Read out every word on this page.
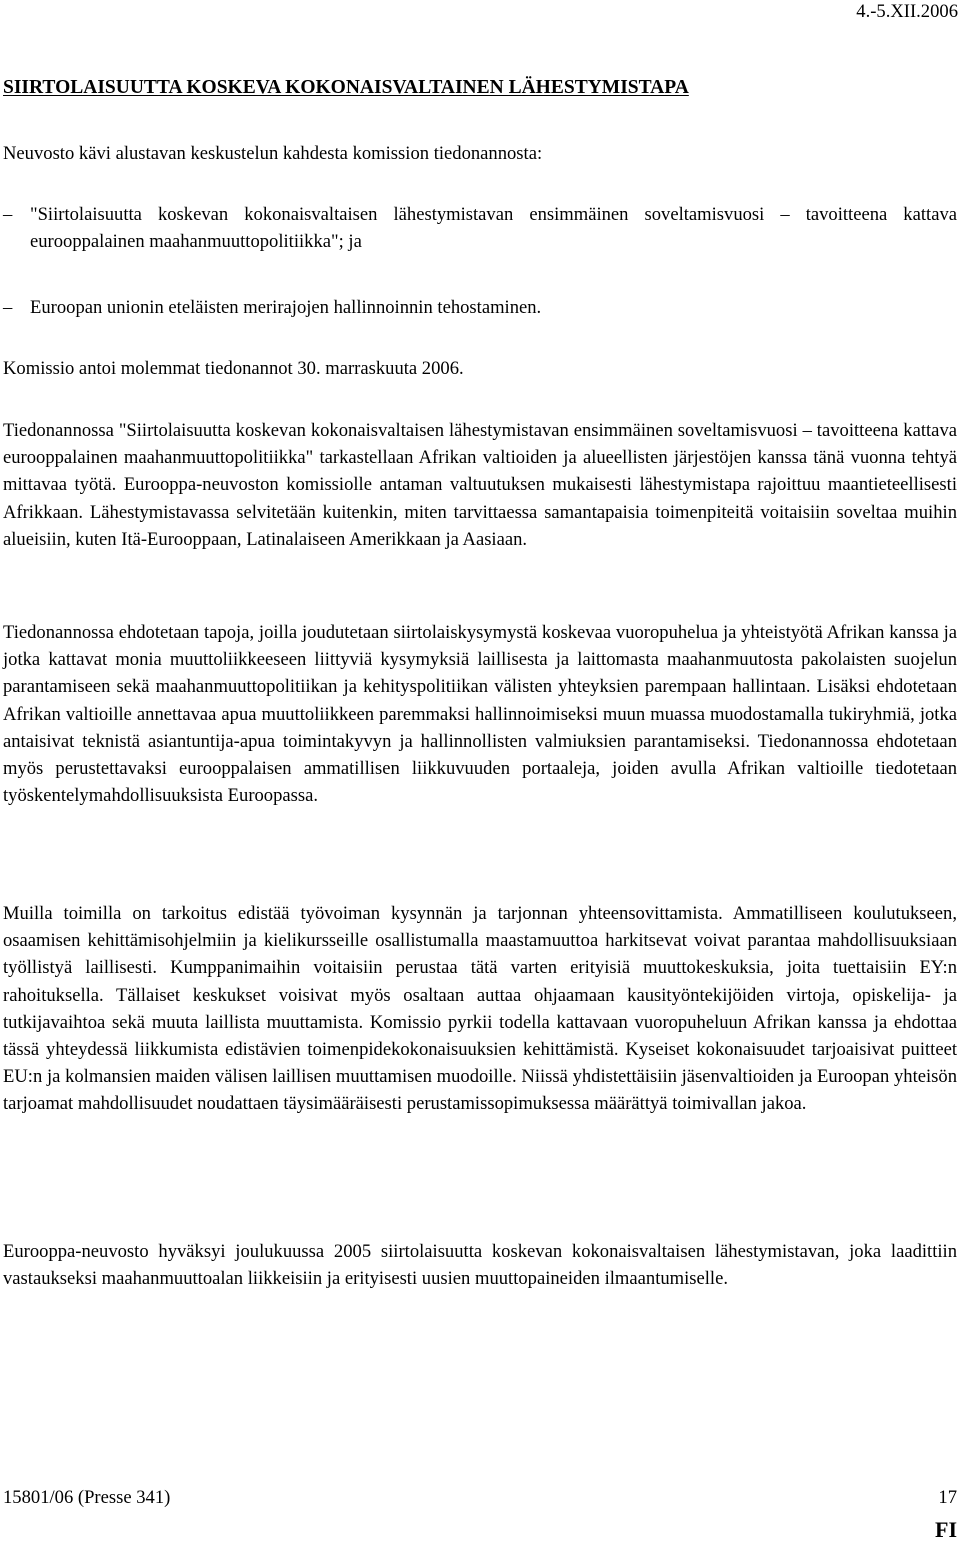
4.-5.XII.2006
SIIRTOLAISUUTTA KOSKEVA KOKONAISVALTAINEN LÄHESTYMISTAPA

Neuvosto kävi alustavan keskustelun kahdesta komission tiedonannosta:

– "Siirtolaisuutta koskevan kokonaisvaltaisen lähestymistavan ensimmäinen soveltamisvuosi – tavoitteena kattava eurooppalainen maahanmuuttopolitiikka"; ja
– Euroopan unionin eteläisten merirajojen hallinnoinnin tehostaminen.

Komissio antoi molemmat tiedonannot 30. marraskuuta 2006.

Tiedonannossa "Siirtolaisuutta koskevan kokonaisvaltaisen lähestymistavan ensimmäinen soveltamisvuosi – tavoitteena kattava eurooppalainen maahanmuuttopolitiikka" tarkastellaan Afrikan valtioiden ja alueellisten järjestöjen kanssa tänä vuonna tehtyä mittavaa työtä. Eurooppa-neuvoston komissiolle antaman valtuutuksen mukaisesti lähestymistapa rajoittuu maantieteellisesti Afrikkaan. Lähestymistavassa selvitetään kuitenkin, miten tarvittaessa samantapaisia toimenpiteitä voitaisiin soveltaa muihin alueisiin, kuten Itä-Eurooppaan, Latinalaiseen Amerikkaan ja Aasiaan.

Tiedonannossa ehdotetaan tapoja, joilla joudutetaan siirtolaiskysymystä koskevaa vuoropuhelua ja yhteistyötä Afrikan kanssa ja jotka kattavat monia muuttoliikkeeseen liittyviä kysymyksiä laillisesta ja laittomasta maahanmuutosta pakolaisten suojelun parantamiseen sekä maahanmuuttopolitiikan ja kehityspolitiikan välisten yhteyksien parempaan hallintaan. Lisäksi ehdotetaan Afrikan valtioille annettavaa apua muuttoliikkeen paremmaksi hallinnoimiseksi muun muassa muodostamalla tukiryhmiä, jotka antaisivat teknistä asiantuntija-apua toimintakyvyn ja hallinnollisten valmiuksien parantamiseksi. Tiedonannossa ehdotetaan myös perustettavaksi eurooppalaisen ammatillisen liikkuvuuden portaaleja, joiden avulla Afrikan valtioille tiedotetaan työskentelymahdollisuuksista Euroopassa.

Muilla toimilla on tarkoitus edistää työvoiman kysynnän ja tarjonnan yhteensovittamista. Ammatilliseen koulutukseen, osaamisen kehittämisohjelmiin ja kielikursseille osallistumalla maastamuuttoa harkitsevat voivat parantaa mahdollisuuksiaan työllistyä laillisesti. Kumppanimaihin voitaisiin perustaa tätä varten erityisiä muuttokeskuksia, joita tuettaisiin EY:n rahoituksella. Tällaiset keskukset voisivat myös osaltaan auttaa ohjaamaan kausityöntekijöiden virtoja, opiskelija- ja tutkijavaihtoa sekä muuta laillista muuttamista. Komissio pyrkii todella kattavaan vuoropuheluun Afrikan kanssa ja ehdottaa tässä yhteydessä liikkumista edistävien toimenpidekokonaisuuksien kehittämistä. Kyseiset kokonaisuudet tarjoaisivat puitteet EU:n ja kolmansien maiden välisen laillisen muuttamisen muodoille. Niissä yhdistettäisiin jäsenvaltioiden ja Euroopan yhteisön tarjoamat mahdollisuudet noudattaen täysimääräisesti perustamissopimuksessa määrättyä toimivallan jakoa.

Eurooppa-neuvosto hyväksyi joulukuussa 2005 siirtolaisuutta koskevan kokonaisvaltaisen lähestymistavan, joka laadittiin vastaukseksi maahanmuuttoalan liikkeisiin ja erityisesti uusien muuttopaineiden ilmaantumiselle.

15801/06 (Presse 341)	17
FI
